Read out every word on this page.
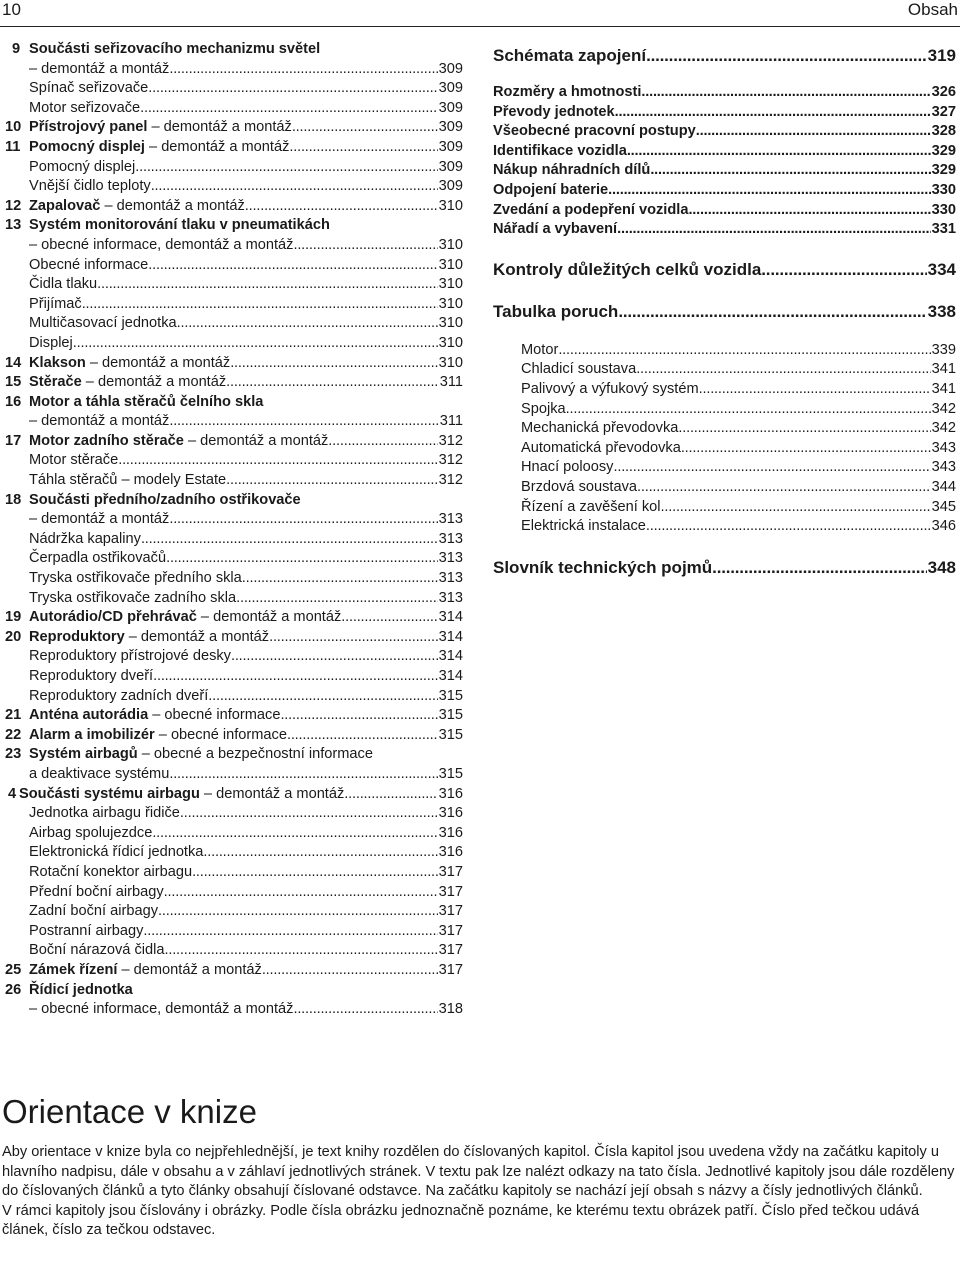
10	Obsah
9 Součásti seřizovacího mechanizmu světel
– demontáž a montáž .....	309
Spínač seřizovače .....	309
Motor seřizovače .....	309
10 Přístrojový panel – demontáž a montáž .....	309
11 Pomocný displej – demontáž a montáž .....	309
Pomocný displej .....	309
Vnější čidlo teploty .....	309
12 Zapalovač – demontáž a montáž .....	310
13 Systém monitorování tlaku v pneumatikách
– obecné informace, demontáž a montáž .....	310
Obecné informace .....	310
Čidla tlaku .....	310
Přijímač .....	310
Multičasovací jednotka .....	310
Displej .....	310
14 Klakson – demontáž a montáž .....	310
15 Stěrače – demontáž a montáž .....	311
16 Motor a táhla stěračů čelního skla
– demontáž a montáž .....	311
17 Motor zadního stěrače – demontáž a montáž .....	312
Motor stěrače .....	312
Táhla stěračů – modely Estate .....	312
18 Součásti předního/zadního ostřikovače
– demontáž a montáž .....	313
Nádržka kapaliny .....	313
Čerpadla ostřikovačů .....	313
Tryska ostřikovače předního skla .....	313
Tryska ostřikovače zadního skla .....	313
19 Autorádio/CD přehrávač – demontáž a montáž .....	314
20 Reproduktory – demontáž a montáž .....	314
Reproduktory přístrojové desky .....	314
Reproduktory dveří .....	314
Reproduktory zadních dveří .....	315
21 Anténa autorádia – obecné informace .....	315
22 Alarm a imobilizér – obecné informace .....	315
23 Systém airbagů – obecné a bezpečnostní informace
a deaktivace systému .....	315
4 Součásti systému airbagu – demontáž a montáž .....	316
Jednotka airbagu řidiče .....	316
Airbag spolujezdce .....	316
Elektronická řídicí jednotka .....	316
Rotační konektor airbagu .....	317
Přední boční airbagy .....	317
Zadní boční airbagy .....	317
Postranní airbagy .....	317
Boční nárazová čidla .....	317
25 Zámek řízení – demontáž a montáž .....	317
26 Řídicí jednotka
– obecné informace, demontáž a montáž .....	318
Schémata zapojení .....	319
Rozměry a hmotnosti .....	326
Převody jednotek .....	327
Všeobecné pracovní postupy .....	328
Identifikace vozidla .....	329
Nákup náhradních dílů .....	329
Odpojení baterie .....	330
Zvedání a podepření vozidla .....	330
Nářadí a vybavení .....	331
Kontroly důležitých celků vozidla .....	334
Tabulka poruch .....	338
Motor .....	339
Chladicí soustava .....	341
Palivový a výfukový systém .....	341
Spojka .....	342
Mechanická převodovka .....	342
Automatická převodovka .....	343
Hnací poloosy .....	343
Brzdová soustava .....	344
Řízení a zavěšení kol .....	345
Elektrická instalace .....	346
Slovník technických pojmů .....	348
Orientace v knize

Aby orientace v knize byla co nejpřehlednější, je text knihy rozdělen do číslovaných kapitol. Čísla kapitol jsou uvedena vždy na začátku kapitoly u hlavního nadpisu, dále v obsahu a v záhlaví jednotlivých stránek. V textu pak lze nalézt odkazy na tato čísla. Jednotlivé kapitoly jsou dále rozděleny do číslovaných článků a tyto články obsahují číslované odstavce. Na začátku kapitoly se nachází její obsah s názvy a čísly jednotlivých článků.

V rámci kapitoly jsou číslovány i obrázky. Podle čísla obrázku jednoznačně poznáme, ke kterému textu obrázek patří. Číslo před tečkou udává článek, číslo za tečkou odstavec.
